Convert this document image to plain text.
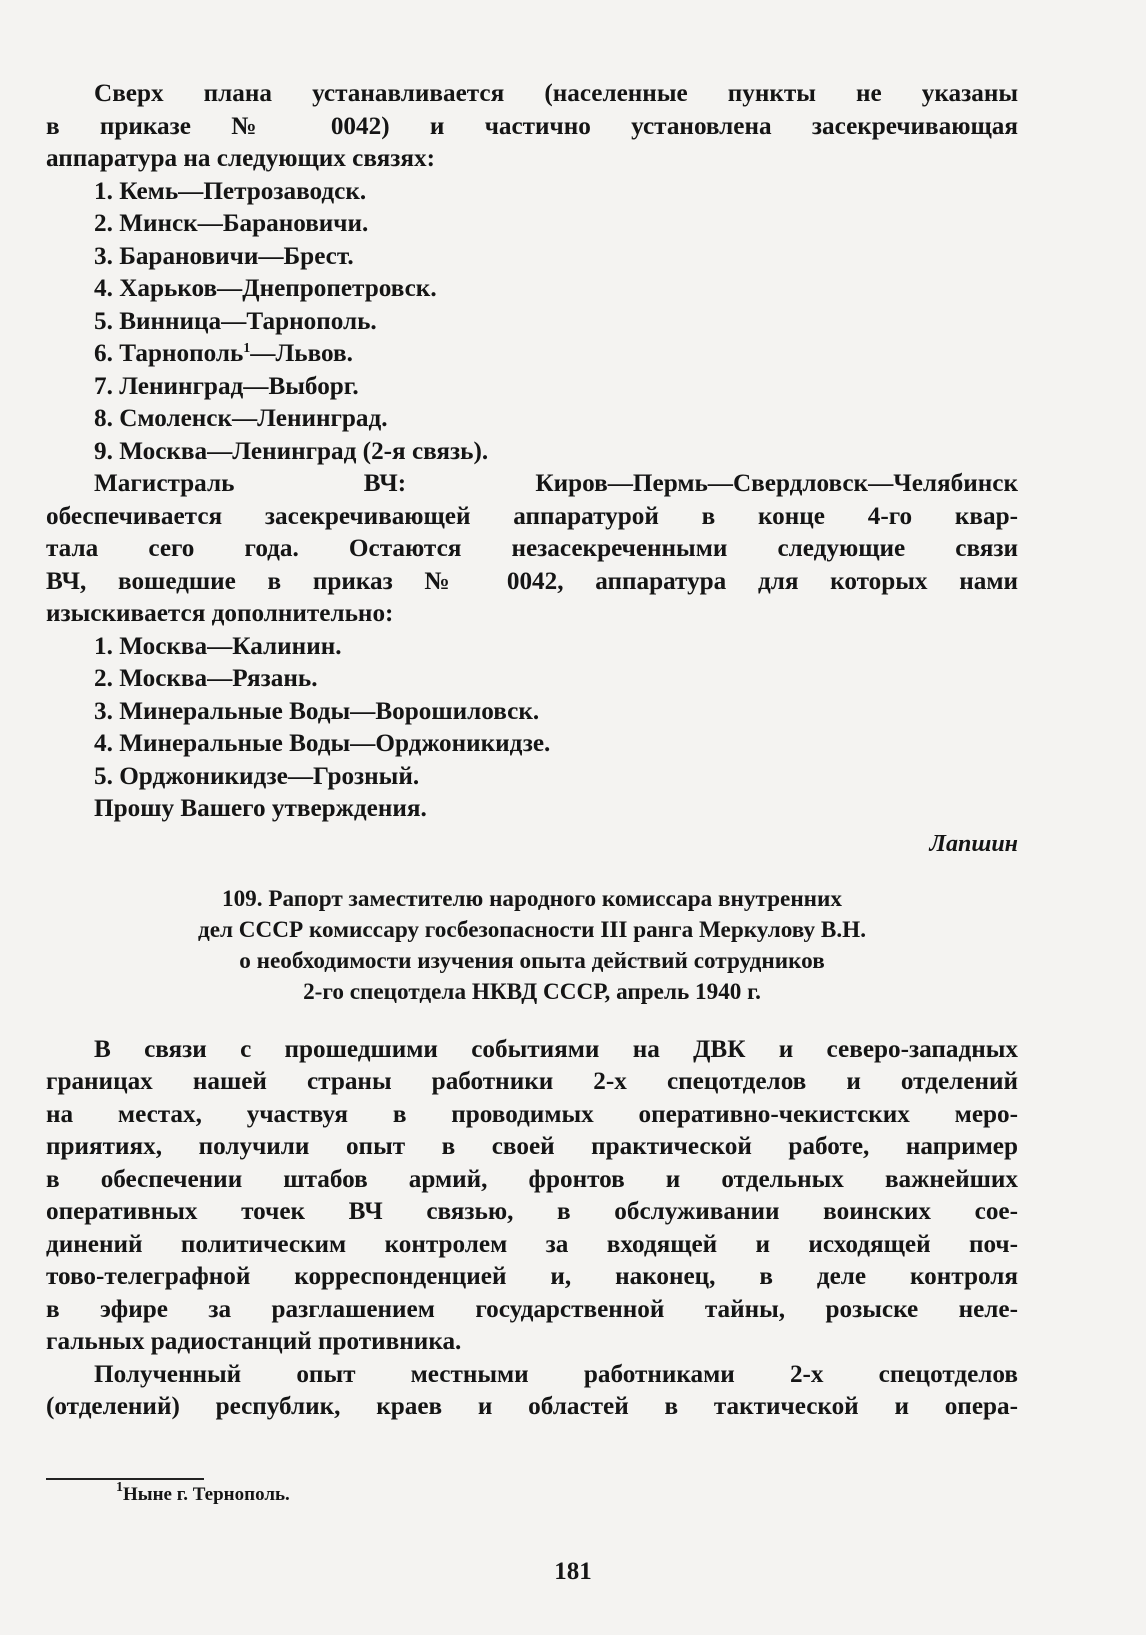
Сверх плана устанавливается (населенные пункты не указаны

в приказе № 0042) и частично установлена засекречивающая

аппаратура на следующих связях:

1. Кемь—Петрозаводск.

2. Минск—Барановичи.

3. Барановичи—Брест.

4. Харьков—Днепропетровск.

5. Винница—Тарнополь.

6. Тарнополь$^1$—Львов.

7. Ленинград—Выборг.

8. Смоленск—Ленинград.

9. Москва—Ленинград (2-я связь).

Магистраль ВЧ: Киров—Пермь—Свердловск—Челябинск

обеспечивается засекречивающей аппаратурой в конце 4-го квар-

тала сего года. Остаются незасекреченными следующие связи

ВЧ, вошедшие в приказ № 0042, аппаратура для которых нами

изыскивается дополнительно:

1. Москва—Калинин.

2. Москва—Рязань.

3. Минеральные Воды—Ворошиловск.

4. Минеральные Воды—Орджоникидзе.

5. Орджоникидзе—Грозный.

Прошу Вашего утверждения.

Лапшин

109. Рапорт заместителю народного комиссара внутренних
дел СССР комиссару госбезопасности III ранга Меркулову В.Н.
о необходимости изучения опыта действий сотрудников
2-го спецотдела НКВД СССР, апрель 1940 г.

В связи с прошедшими событиями на ДВК и северо-западных

границах нашей страны работники 2-х спецотделов и отделений

на местах, участвуя в проводимых оперативно-чекистских меро-

приятиях, получили опыт в своей практической работе, например

в обеспечении штабов армий, фронтов и отдельных важнейших

оперативных точек ВЧ связью, в обслуживании воинских сое-

динений политическим контролем за входящей и исходящей поч-

тово-телеграфной корреспонденцией и, наконец, в деле контроля

в эфире за разглашением государственной тайны, розыске неле-

гальных радиостанций противника.

Полученный опыт местными работниками 2-х спецотделов

(отделений) республик, краев и областей в тактической и опера-

$^1$Ныне г. Тернополь.
181
